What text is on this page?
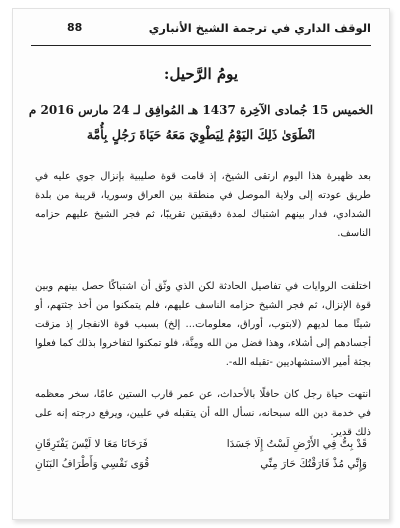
الوقف الداري في ترجمة الشيخ الأنباري
88
يومُ الرَّحيل:
الخميس 15 جُمادى الآخِرة 1437 هـ المُوافِق لـ 24 مارس 2016 م
انْطَوَىٰ ذَلِكَ اليَوْمُ لِيَطْوِيَ مَعَهُ حَيَاةَ رَجُلٍ بِأُمَّة
بعد ظهيرة هذا اليوم ارتقى الشيخ، إذ قامت قوة صليبية بإنزال جوي عليه في طريق عودته إلى ولاية الموصل في منطقة بين العراق وسوريا، قريبة من بلدة الشدادي، فدار بينهم اشتباك لمدة دقيقتين تقريبًا، ثم فجر الشيخ عليهم حزامه الناسف.
اختلفت الروايات في تفاصيل الحادثة لكن الذي وثّق أن اشتباكًا حصل بينهم وبين قوة الإنزال، ثم فجر الشيخ حزامه الناسف عليهم، فلم يتمكنوا من أخذ جثتهم، أو شيئًا مما لديهم (لابتوب، أوراق، معلومات... إلخ) بسبب قوة الانفجار إذ مزقت أجسادهم إلى أشلاء، وهذا فضل من الله ومِنَّة، فلو تمكنوا لتفاخروا بذلك كما فعلوا بجثة أمير الاستشهاديين -تقبله الله-.
انتهت حياة رجل كان حافلًا بالأحداث، عن عمر قارب الستين عامًا، سخر معظمه في خدمة دين الله سبحانه، نسأل الله أن يتقبله في عليين، ويرفع درجته إنه على ذلك قدير.
قَدْ بِتُّ فِي الأَرْضِ لَسْتُ إِلَا جَسَدَا
فَرَحَانَا مَعَا لا لَيْسَ يَفْتَرِقَانِ
وَإِنِّي مُذْ فَارَقْتُكَ حَارَ مِنِّي
قُوَى نَفْسِي وَأَطْرَافُ البَنَانِ
